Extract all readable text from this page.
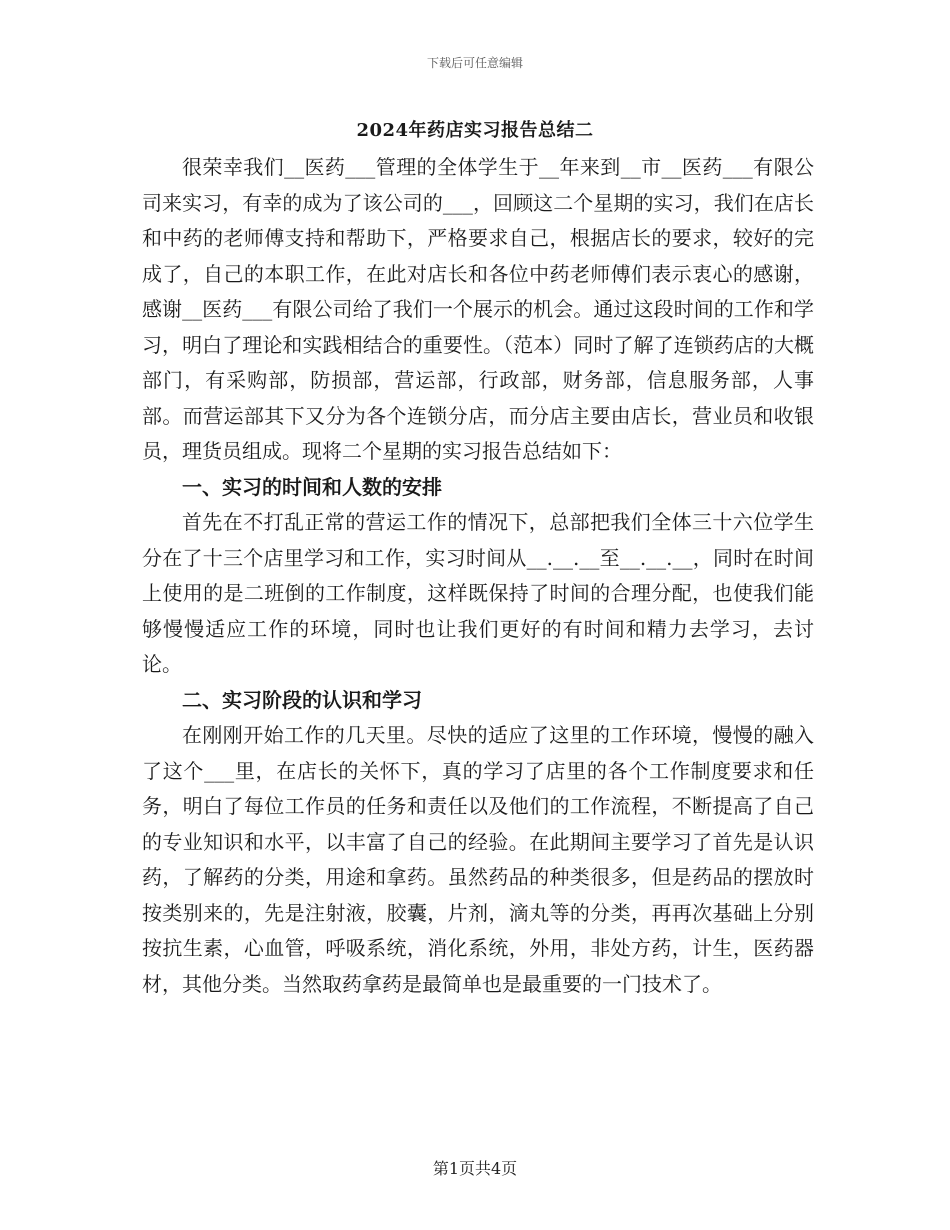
下载后可任意编辑
2024年药店实习报告总结二

很荣幸我们__医药___管理的全体学生于__年来到__市__医药___有限公司来实习，有幸的成为了该公司的___，回顾这二个星期的实习，我们在店长和中药的老师傅支持和帮助下，严格要求自己，根据店长的要求，较好的完成了，自己的本职工作，在此对店长和各位中药老师傅们表示衷心的感谢，感谢__医药___有限公司给了我们一个展示的机会。通过这段时间的工作和学习，明白了理论和实践相结合的重要性。（范本）同时了解了连锁药店的大概部门，有采购部，防损部，营运部，行政部，财务部，信息服务部，人事部。而营运部其下又分为各个连锁分店，而分店主要由店长，营业员和收银员，理货员组成。现将二个星期的实习报告总结如下：

一、实习的时间和人数的安排

首先在不打乱正常的营运工作的情况下，总部把我们全体三十六位学生分在了十三个店里学习和工作，实习时间从__.__.__至__.__.__，同时在时间上使用的是二班倒的工作制度，这样既保持了时间的合理分配，也使我们能够慢慢适应工作的环境，同时也让我们更好的有时间和精力去学习，去讨论。

二、实习阶段的认识和学习

在刚刚开始工作的几天里。尽快的适应了这里的工作环境，慢慢的融入了这个___里，在店长的关怀下，真的学习了店里的各个工作制度要求和任务，明白了每位工作员的任务和责任以及他们的工作流程，不断提高了自己的专业知识和水平，以丰富了自己的经验。在此期间主要学习了首先是认识药，了解药的分类，用途和拿药。虽然药品的种类很多，但是药品的摆放时按类别来的，先是注射液，胶囊，片剂，滴丸等的分类，再再次基础上分别按抗生素，心血管，呼吸系统，消化系统，外用，非处方药，计生，医药器材，其他分类。当然取药拿药是最简单也是最重要的一门技术了。

第1页共4页
